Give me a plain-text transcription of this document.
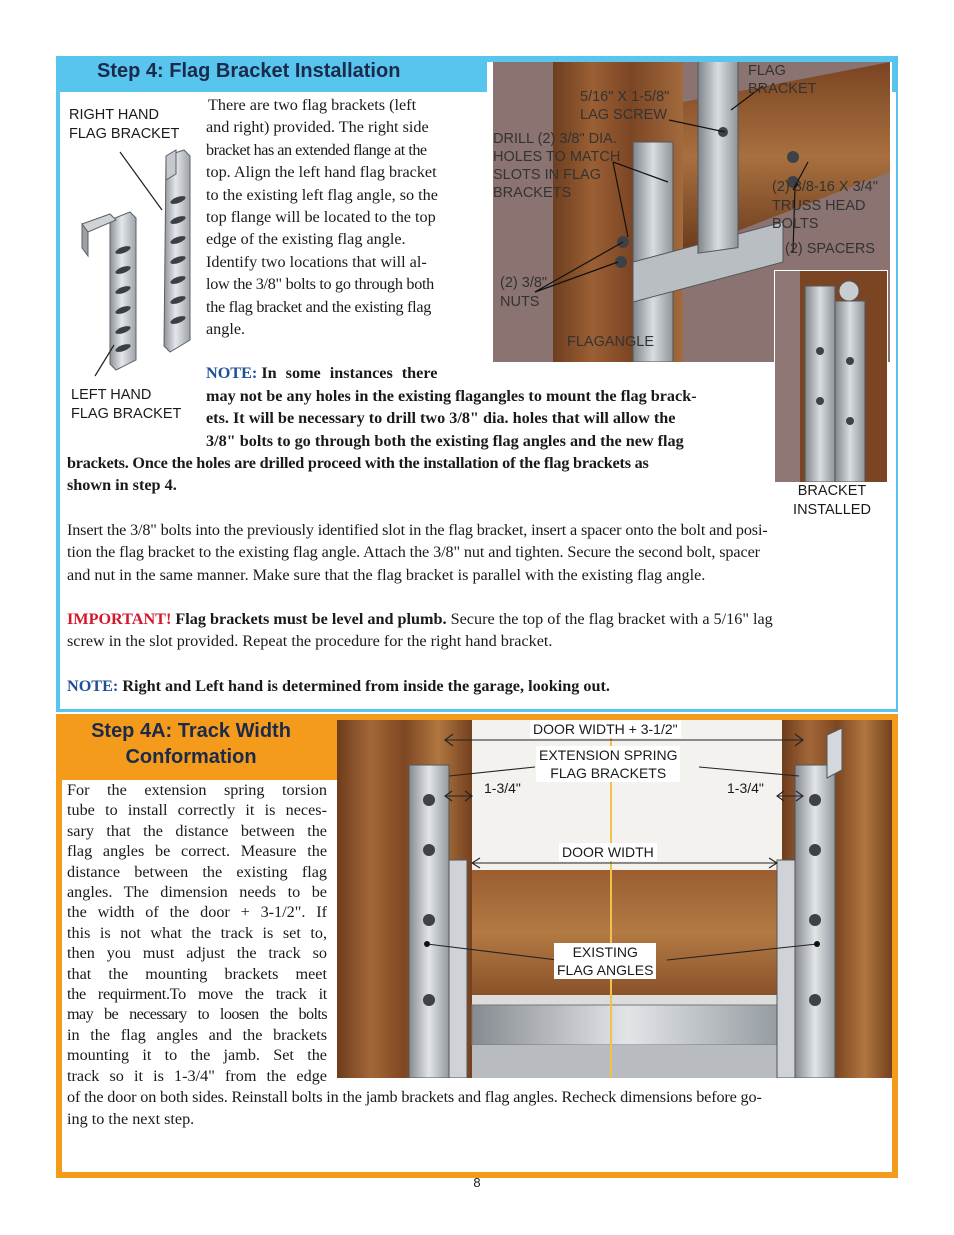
Step 4: Flag Bracket Installation
RIGHT HAND
FLAG BRACKET
LEFT HAND
FLAG BRACKET
There are two flag brackets (left
and right) provided. The right side
bracket has an extended flange at the
top. Align the left hand flag bracket
to the existing left flag angle, so the
top flange will be located to the top
edge of the existing flag angle.
Identify two locations that will al-
low the 3/8" bolts to go through both
the flag bracket and the existing flag
angle.
NOTE: In some instances there
may not be any holes in the existing flagangles to mount the flag brack-
ets. It will be necessary to drill two 3/8" dia. holes that will allow the
3/8" bolts to go through both the existing flag angles and the new flag
brackets. Once the holes are drilled proceed with the installation of the flag brackets as
shown in step 4.
FLAG
BRACKET
5/16" X 1-5/8"
LAG SCREW
DRILL (2) 3/8" DIA.
HOLES TO MATCH
SLOTS IN FLAG
BRACKETS	(2) 3/8-16 X 3/4"
TRUSS HEAD
BOLTS
(2) SPACERS
(2) 3/8"
NUTS
FLAGANGLE
BRACKET
INSTALLED
Insert the 3/8" bolts into the previously identified slot in the flag bracket, insert a spacer onto the bolt and posi-
tion the flag bracket to the existing flag angle. Attach the 3/8" nut and tighten. Secure the second bolt, spacer
and nut in the same manner. Make sure that the flag bracket is parallel with the existing flag angle.
IMPORTANT! Flag brackets must be level and plumb. Secure the top of the flag bracket with a 5/16" lag
screw in the slot provided. Repeat the procedure for the right hand bracket.
NOTE: Right and Left hand is determined from inside the garage, looking out.
Step 4A: Track Width Conformation
DOOR WIDTH + 3-1/2"
EXTENSION SPRING
FLAG BRACKETS
1-3/4"	1-3/4"
DOOR WIDTH
EXISTING
FLAG ANGLES
For the extension spring torsion
tube to install correctly it is neces-
sary that the distance between the
flag angles be correct. Measure the
distance between the existing flag
angles. The dimension needs to be
the width of the door + 3-1/2". If
this is not what the track is set to,
then you must adjust the track so
that the mounting brackets meet
the requirment.To move the track it
may be necessary to loosen the bolts
in the flag angles and the brackets
mounting it to the jamb. Set the
track so it is 1-3/4" from the edge
of the door on both sides. Reinstall bolts in the jamb brackets and flag angles. Recheck dimensions before go-
ing to the next step.
8
